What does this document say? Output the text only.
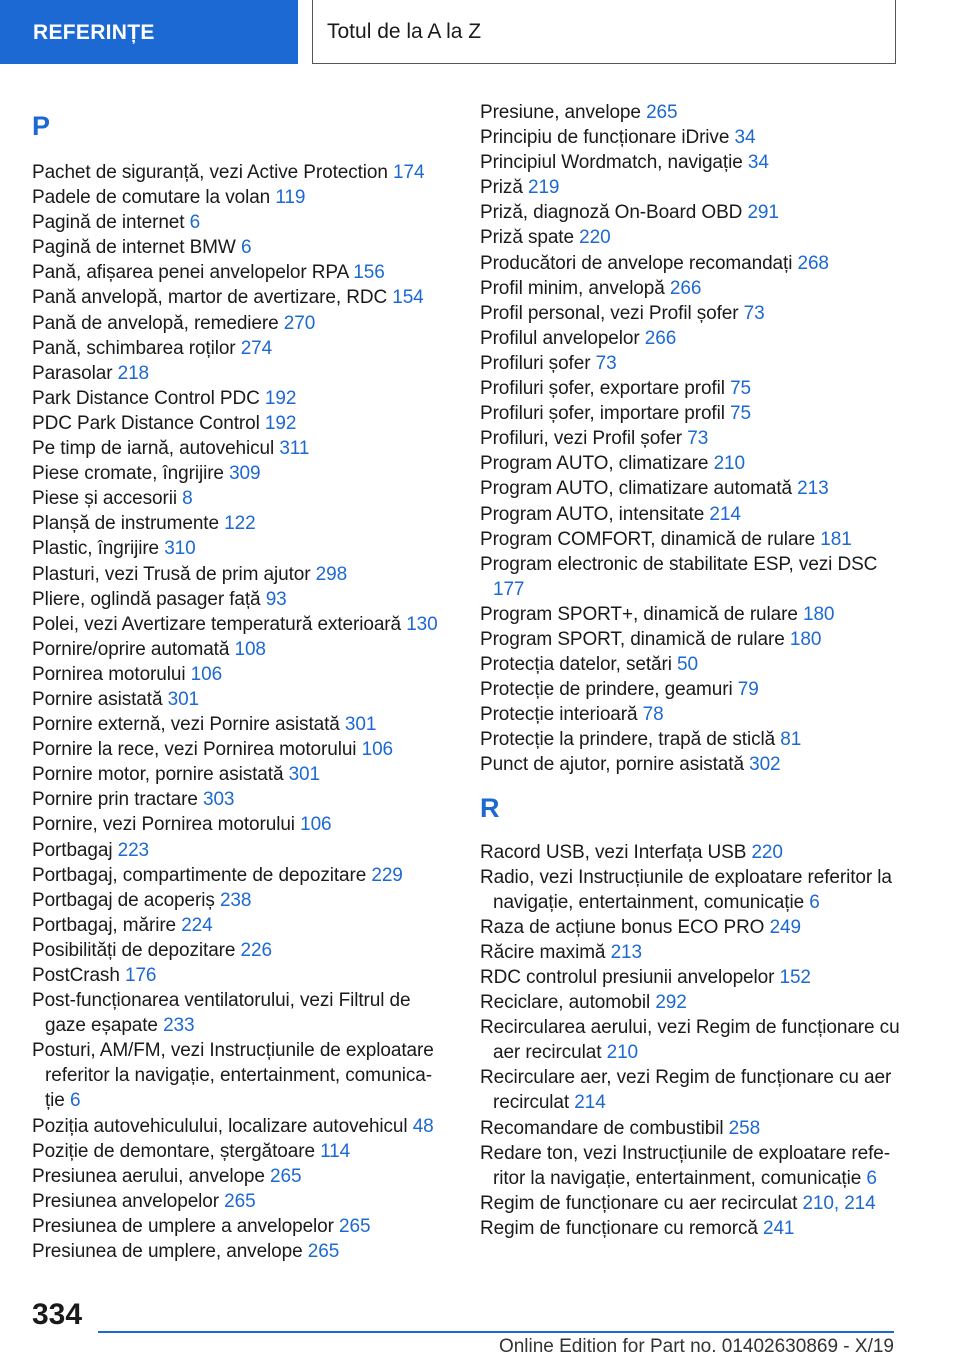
REFERINȚE	Totul de la A la Z
P
Pachet de siguranță, vezi Active Protection 174
Padele de comutare la volan 119
Pagină de internet 6
Pagină de internet BMW 6
Pană, afișarea penei anvelopelor RPA 156
Pană anvelopă, martor de avertizare, RDC 154
Pană de anvelopă, remediere 270
Pană, schimbarea roților 274
Parasolar 218
Park Distance Control PDC 192
PDC Park Distance Control 192
Pe timp de iarnă, autovehicul 311
Piese cromate, îngrijire 309
Piese și accesorii 8
Planșă de instrumente 122
Plastic, îngrijire 310
Plasturi, vezi Trusă de prim ajutor 298
Pliere, oglindă pasager față 93
Polei, vezi Avertizare temperatură exterioară 130
Pornire/oprire automată 108
Pornirea motorului 106
Pornire asistată 301
Pornire externă, vezi Pornire asistată 301
Pornire la rece, vezi Pornirea motorului 106
Pornire motor, pornire asistată 301
Pornire prin tractare 303
Pornire, vezi Pornirea motorului 106
Portbagaj 223
Portbagaj, compartimente de depozitare 229
Portbagaj de acoperiș 238
Portbagaj, mărire 224
Posibilități de depozitare 226
PostCrash 176
Post-funcționarea ventilatorului, vezi Filtrul de gaze eșapate 233
Posturi, AM/FM, vezi Instrucțiunile de exploatare referitor la navigație, entertainment, comunicație 6
Poziția autovehiculului, localizare autovehicul 48
Poziție de demontare, ștergătoare 114
Presiunea aerului, anvelope 265
Presiunea anvelopelor 265
Presiunea de umplere a anvelopelor 265
Presiunea de umplere, anvelope 265
Presiune, anvelope 265
Principiu de funcționare iDrive 34
Principiul Wordmatch, navigație 34
Priză 219
Priză, diagnoză On-Board OBD 291
Priză spate 220
Producători de anvelope recomandați 268
Profil minim, anvelopă 266
Profil personal, vezi Profil șofer 73
Profilul anvelopelor 266
Profiluri șofer 73
Profiluri șofer, exportare profil 75
Profiluri șofer, importare profil 75
Profiluri, vezi Profil șofer 73
Program AUTO, climatizare 210
Program AUTO, climatizare automată 213
Program AUTO, intensitate 214
Program COMFORT, dinamică de rulare 181
Program electronic de stabilitate ESP, vezi DSC 177
Program SPORT+, dinamică de rulare 180
Program SPORT, dinamică de rulare 180
Protecția datelor, setări 50
Protecție de prindere, geamuri 79
Protecție interioară 78
Protecție la prindere, trapă de sticlă 81
Punct de ajutor, pornire asistată 302
R
Racord USB, vezi Interfața USB 220
Radio, vezi Instrucțiunile de exploatare referitor la navigație, entertainment, comunicație 6
Raza de acțiune bonus ECO PRO 249
Răcire maximă 213
RDC controlul presiunii anvelopelor 152
Reciclare, automobil 292
Recircularea aerului, vezi Regim de funcționare cu aer recirculat 210
Recirculare aer, vezi Regim de funcționare cu aer recirculat 214
Recomandare de combustibil 258
Redare ton, vezi Instrucțiunile de exploatare referitor la navigație, entertainment, comunicație 6
Regim de funcționare cu aer recirculat 210, 214
Regim de funcționare cu remorcă 241
334
Online Edition for Part no. 01402630869 - X/19
